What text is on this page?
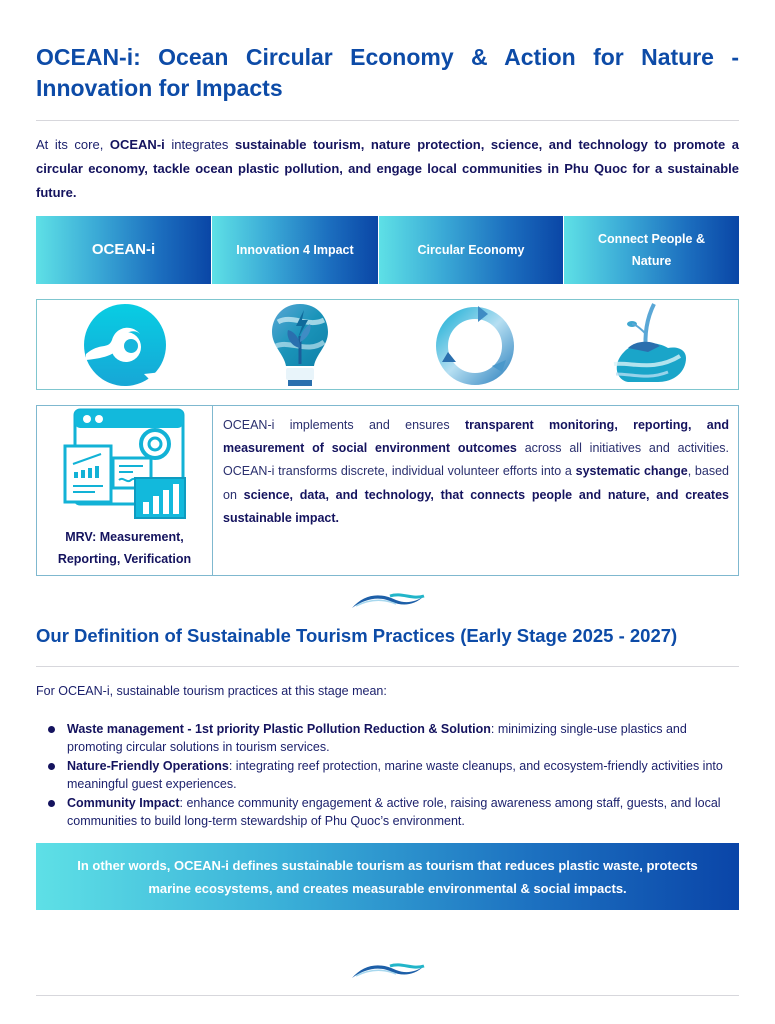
OCEAN-i: Ocean Circular Economy & Action for Nature - Innovation for Impacts

At its core, OCEAN-i integrates sustainable tourism, nature protection, science, and technology to promote a circular economy, tackle ocean plastic pollution, and engage local communities in Phu Quoc for a sustainable future.

OCEAN-i	Innovation 4 Impact	Circular Economy
Connect People & Nature
MRV: Measurement,
Reporting, Verification
OCEAN-i implements and ensures transparent monitoring, reporting, and measurement of social environment outcomes across all initiatives and activities. OCEAN-i transforms discrete, individual volunteer efforts into a systematic change, based on science, data, and technology, that connects people and nature, and creates sustainable impact.
Our Definition of Sustainable Tourism Practices (Early Stage 2025 - 2027)

For OCEAN-i, sustainable tourism practices at this stage mean:

Waste management - 1st priority Plastic Pollution Reduction & Solution: minimizing single-use plastics and promoting circular solutions in tourism services.
Nature-Friendly Operations: integrating reef protection, marine waste cleanups, and ecosystem-friendly activities into meaningful guest experiences.
Community Impact: enhance community engagement & active role, raising awareness among staff, guests, and local communities to build long-term stewardship of Phu Quoc’s environment.
In other words, OCEAN-i defines sustainable tourism as tourism that reduces plastic waste, protects marine ecosystems, and creates measurable environmental & social impacts.
